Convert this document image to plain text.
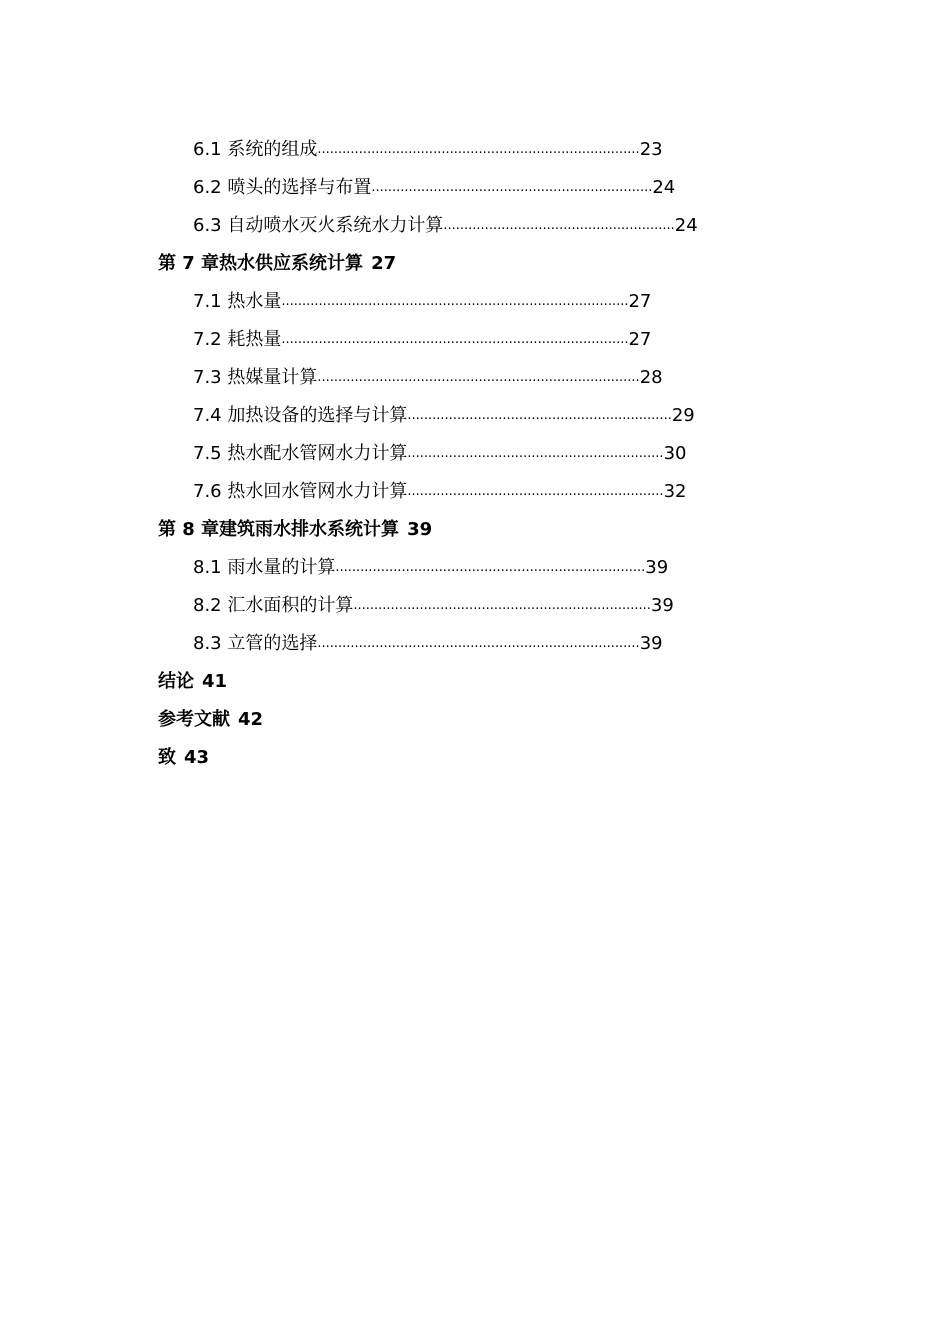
6.1 系统的组成 .............................................................................. 23
6.2 喷头的选择与布置 .................................................................... 24
6.3 自动喷水灭火系统水力计算 ........................................................ 24
第 7 章热水供应系统计算 27
7.1 热水量 .................................................................................... 27
7.2 耗热量 .................................................................................... 27
7.3 热媒量计算 .............................................................................. 28
7.4 加热设备的选择与计算 ................................................................ 29
7.5 热水配水管网水力计算 .............................................................. 30
7.6 热水回水管网水力计算 .............................................................. 32
第 8 章建筑雨水排水系统计算 39
8.1 雨水量的计算 ........................................................................... 39
8.2 汇水面积的计算 ........................................................................ 39
8.3 立管的选择 .............................................................................. 39
结论 41
参考文献 42
致 43
